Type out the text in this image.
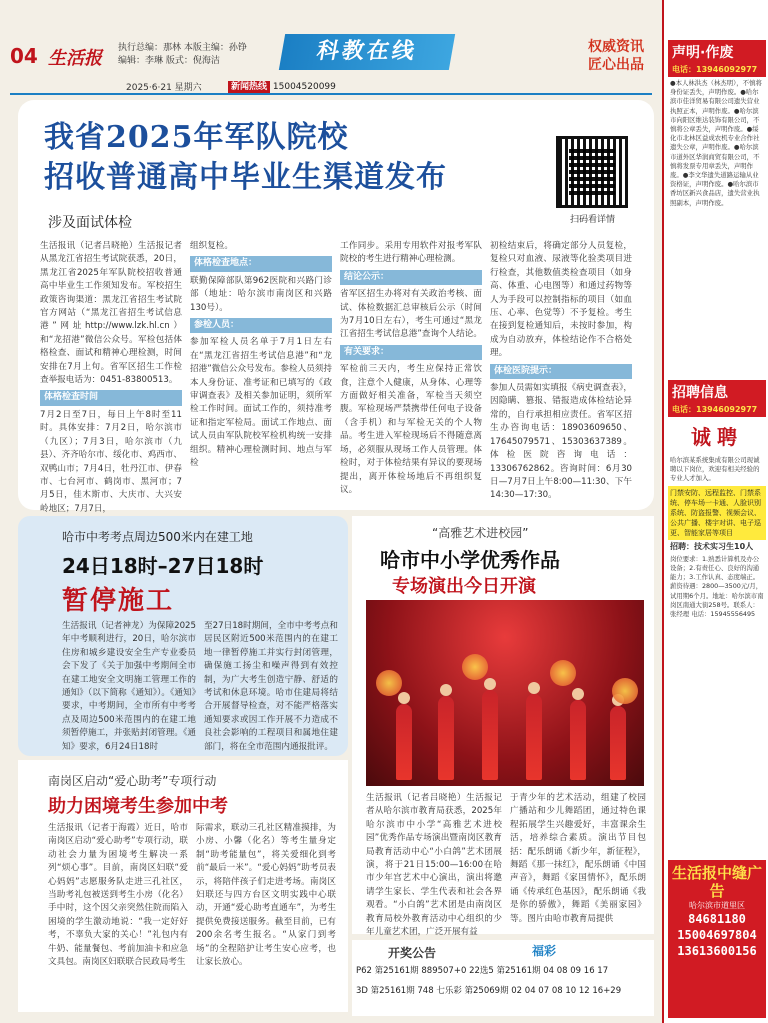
04 生活报 执行总编：那林 本版主编：孙铮
编辑：李琳 版式：倪海洁	科教在线	权威资讯
匠心出品
2025·6·21 星期六	新闻热线 15004520099
我省2025年军队院校
招收普通高中毕业生渠道发布
涉及面试体检	扫码看详情

生活报讯（记者吕晓艳）生活报记者从黑龙江省招生考试院获悉，20日，黑龙江省2025年军队院校招收普通高中毕业生工作须知发布。军校招生政策咨询渠道：黑龙江省招生考试院官方网站（“黑龙江省招生考试信息港”网址http://www.lzk.hl.cn）和“龙招港”微信公众号。军检包括体格检查、面试和精神心理检测，时间安排在7月上旬。省军区招生工作检查举报电话为：0451-83800513。

体格检查时间

7月2日至7日，每日上午8时至11时。具体安排：7月2日，哈尔滨市（九区）；7月3日，哈尔滨市（九县）、齐齐哈尔市、绥化市、鸡西市、双鸭山市；7月4日，牡丹江市、伊春市、七台河市、鹤岗市、黑河市；7月5日，佳木斯市、大庆市、大兴安岭地区；7月7日，

组织复检。

体格检查地点：

联勤保障部队第962医院和兴路门诊部（地址：哈尔滨市南岗区和兴路130号）。

参检人员：

参加军检人员名单于7月1日左右在“黑龙江省招生考试信息港”和“龙招港”微信公众号发布。参检人员须持本人身份证、准考证和已填写的《政审调查表》及相关参加证明，须所军检工作时间。面试工作的，须持准考证和指定军检局。面试工作地点、面试人员由军队院校军检机构统一安排组织。精神心理检测时间、地点与军检

工作同步。采用专用软件对报考军队院校的考生进行精神心理检测。

结论公示：

省军区招生办将对有关政治考核、面试、体检数据汇总审核后公示（时间为7月10日左右），考生可通过“黑龙江省招生考试信息港”查询个人结论。

有关要求：

军检前三天内，考生应保持正常饮食，注意个人健康，从身体、心理等方面做好相关准备，军检当天须空腹。军检现场严禁携带任何电子设备（含手机）和与军检无关的个人物品。考生进入军检现场后不得随意离场，必须服从现场工作人员管理。体检时，对于体检结果有异议的要现场提出，离开体检场地后不再组织复议。

初检结束后，将确定部分人员复检，复检只对血液、尿液等化验类项目进行检查，其他数值类检查项目（如身高、体重、心电图等）和通过药物等人为手段可以控制指标的项目（如血压、心率、色觉等）不予复检。考生在接到复检通知后，未按时参加，构成为自动放弃，体检结论作不合格处理。

体检医院提示：

参加人员需如实填报《病史调查表》，因隐瞒、篡报、错报造成体检结论异常的，自行承担相应责任。省军区招生办咨询电话：18903609650、17645079571、15303637389。体检医院咨询电话：13306762862。咨询时间：6月30日—7月7日上午8:00—11:30、下午14:30—17:30。

哈市中考考点周边500米内在建工地
24日18时–27日18时
暂停施工
生活报讯（记者神龙）为保障2025年中考顺利进行，20日，哈尔滨市住房和城乡建设安全生产专业委员会下发了《关于加强中考期间全市在建工地安全文明施工管理工作的通知》（以下简称《通知》）。《通知》要求，中考期间，全市所有中考考点及周边500米范围内的在建工地须暂停施工，并张贴封闭管理。《通知》要求，6月24日18时
至27日18时期间，全市中考考点和居民区附近500米范围内的在建工地一律暂停施工并实行封闭管理，确保施工扬尘和噪声得到有效控制，为广大考生创造宁静、舒适的考试和休息环境。哈市住建局将结合开展督导检查，对不能严格落实通知要求或因工作开展不力造成不良社会影响的工程项目和属地住建部门，将在全市范围内通报批评。
“高雅艺术进校园”
哈市中小学优秀作品
专场演出今日开演
生活报讯（记者吕晓艳）生活报记者从哈尔滨市教育局获悉，2025年哈尔滨市中小学“高雅艺术进校园”优秀作品专场演出暨南岗区教育局教育活动中心“小白鸽”艺术团展演，将于21日15:00—16:00在哈市少年宫艺术中心演出，演出将邀请学生家长、学生代表和社会各界观看。“小白鸽”艺术团是由南岗区教育局校外教育活动中心组织的少年儿童艺术团，广泛开展有益
于青少年的艺术活动，组建了校园广播站和少儿舞蹈团，通过特色课程拓展学生兴趣爱好，丰富课余生活，培养综合素质。演出节目包括：配乐朗诵《新少年，新征程》，舞蹈《那一抹红》，配乐朗诵《中国声音》，舞蹈《家国情怀》，配乐朗诵《传承红色基因》，配乐朗诵《我是你的骄傲》，舞蹈《美丽家园》等。图片由哈市教育局提供
南岗区启动“爱心助考”专项行动
助力困境考生参加中考
生活报讯（记者于海霞）近日，哈市南岗区启动“爱心助考”专项行动，联动社会力量为困境考生解决一系列“烦心事”。目前，南岗区妇联“爱心妈妈”志愿服务队走进三孔社区，当助考礼包被送到考生小房（化名）手中时，这个因父亲突然住院而陷入困境的学生激动地说：“我一定好好考，不辜负大家的关心！”礼包内有牛奶、能量餐包、考前加油卡和应急文具包。南岗区妇联联合民政局考生
际需求，联动三孔社区精准摸排，为小房、小馨（化名）等考生量身定制“助考能量包”，将关爱细化到考前“最后一米”。“爱心妈妈”助考员表示，将陪伴孩子们走进考场。南岗区妇联还与四方台区文明实践中心联动，开通“爱心助考直通车”，为考生提供免费接送服务。截至目前，已有200余名考生报名。“从家门到考场”的全程陪护让考生安心应考，也让家长放心。
开奖公告	福彩
P62 第25161期 889507+0 22选5 第25161期 04 08 09 16 17
3D 第25161期 748 七乐彩 第25069期 02 04 07 08 10 12 16+29
声明·作废
电话：13946092977
●本人林洪杰（林杰明），不慎将身份证丢失，声明作废。●哈尔滨市佳洋贸易有限公司遗失营业执照正本，声明作废。●哈尔滨市向阳区维达装饰有限公司，不慎将公章丢失，声明作废。●绥化市北林区益成农机专业合作社遗失公章，声明作废。●哈尔滨市道外区华润商贸有限公司，不慎将发票专用章丢失，声明作废。●李文华遗失道路运输从业资格证，声明作废。●哈尔滨市香坊区新兴食品店，遗失营业执照副本，声明作废。
招聘信息
电话：13946092977
诚聘
哈尔滨某系统集成有限公司现诚聘以下岗位，欢迎有相关经验的专业人才加入。
门禁安防、远程监控、门禁系统、停车场一卡通、人脸识别系统、防盗报警、视频会议、公共广播、楼宇对讲、电子巡更、智能家居等项目
招聘：技术实习生10人
岗位要求：1.熟悉计算机及办公设备；2.有责任心、良好的沟通能力；3.工作认真、态度端正。薪资待遇：2800—3500元/月，试用期6个月。地址：哈尔滨市南岗区南通大街258号。联系人：张经理 电话：15945556495
生活报中缝广告
哈尔滨市道里区
84681180
15004697804
13613600156
